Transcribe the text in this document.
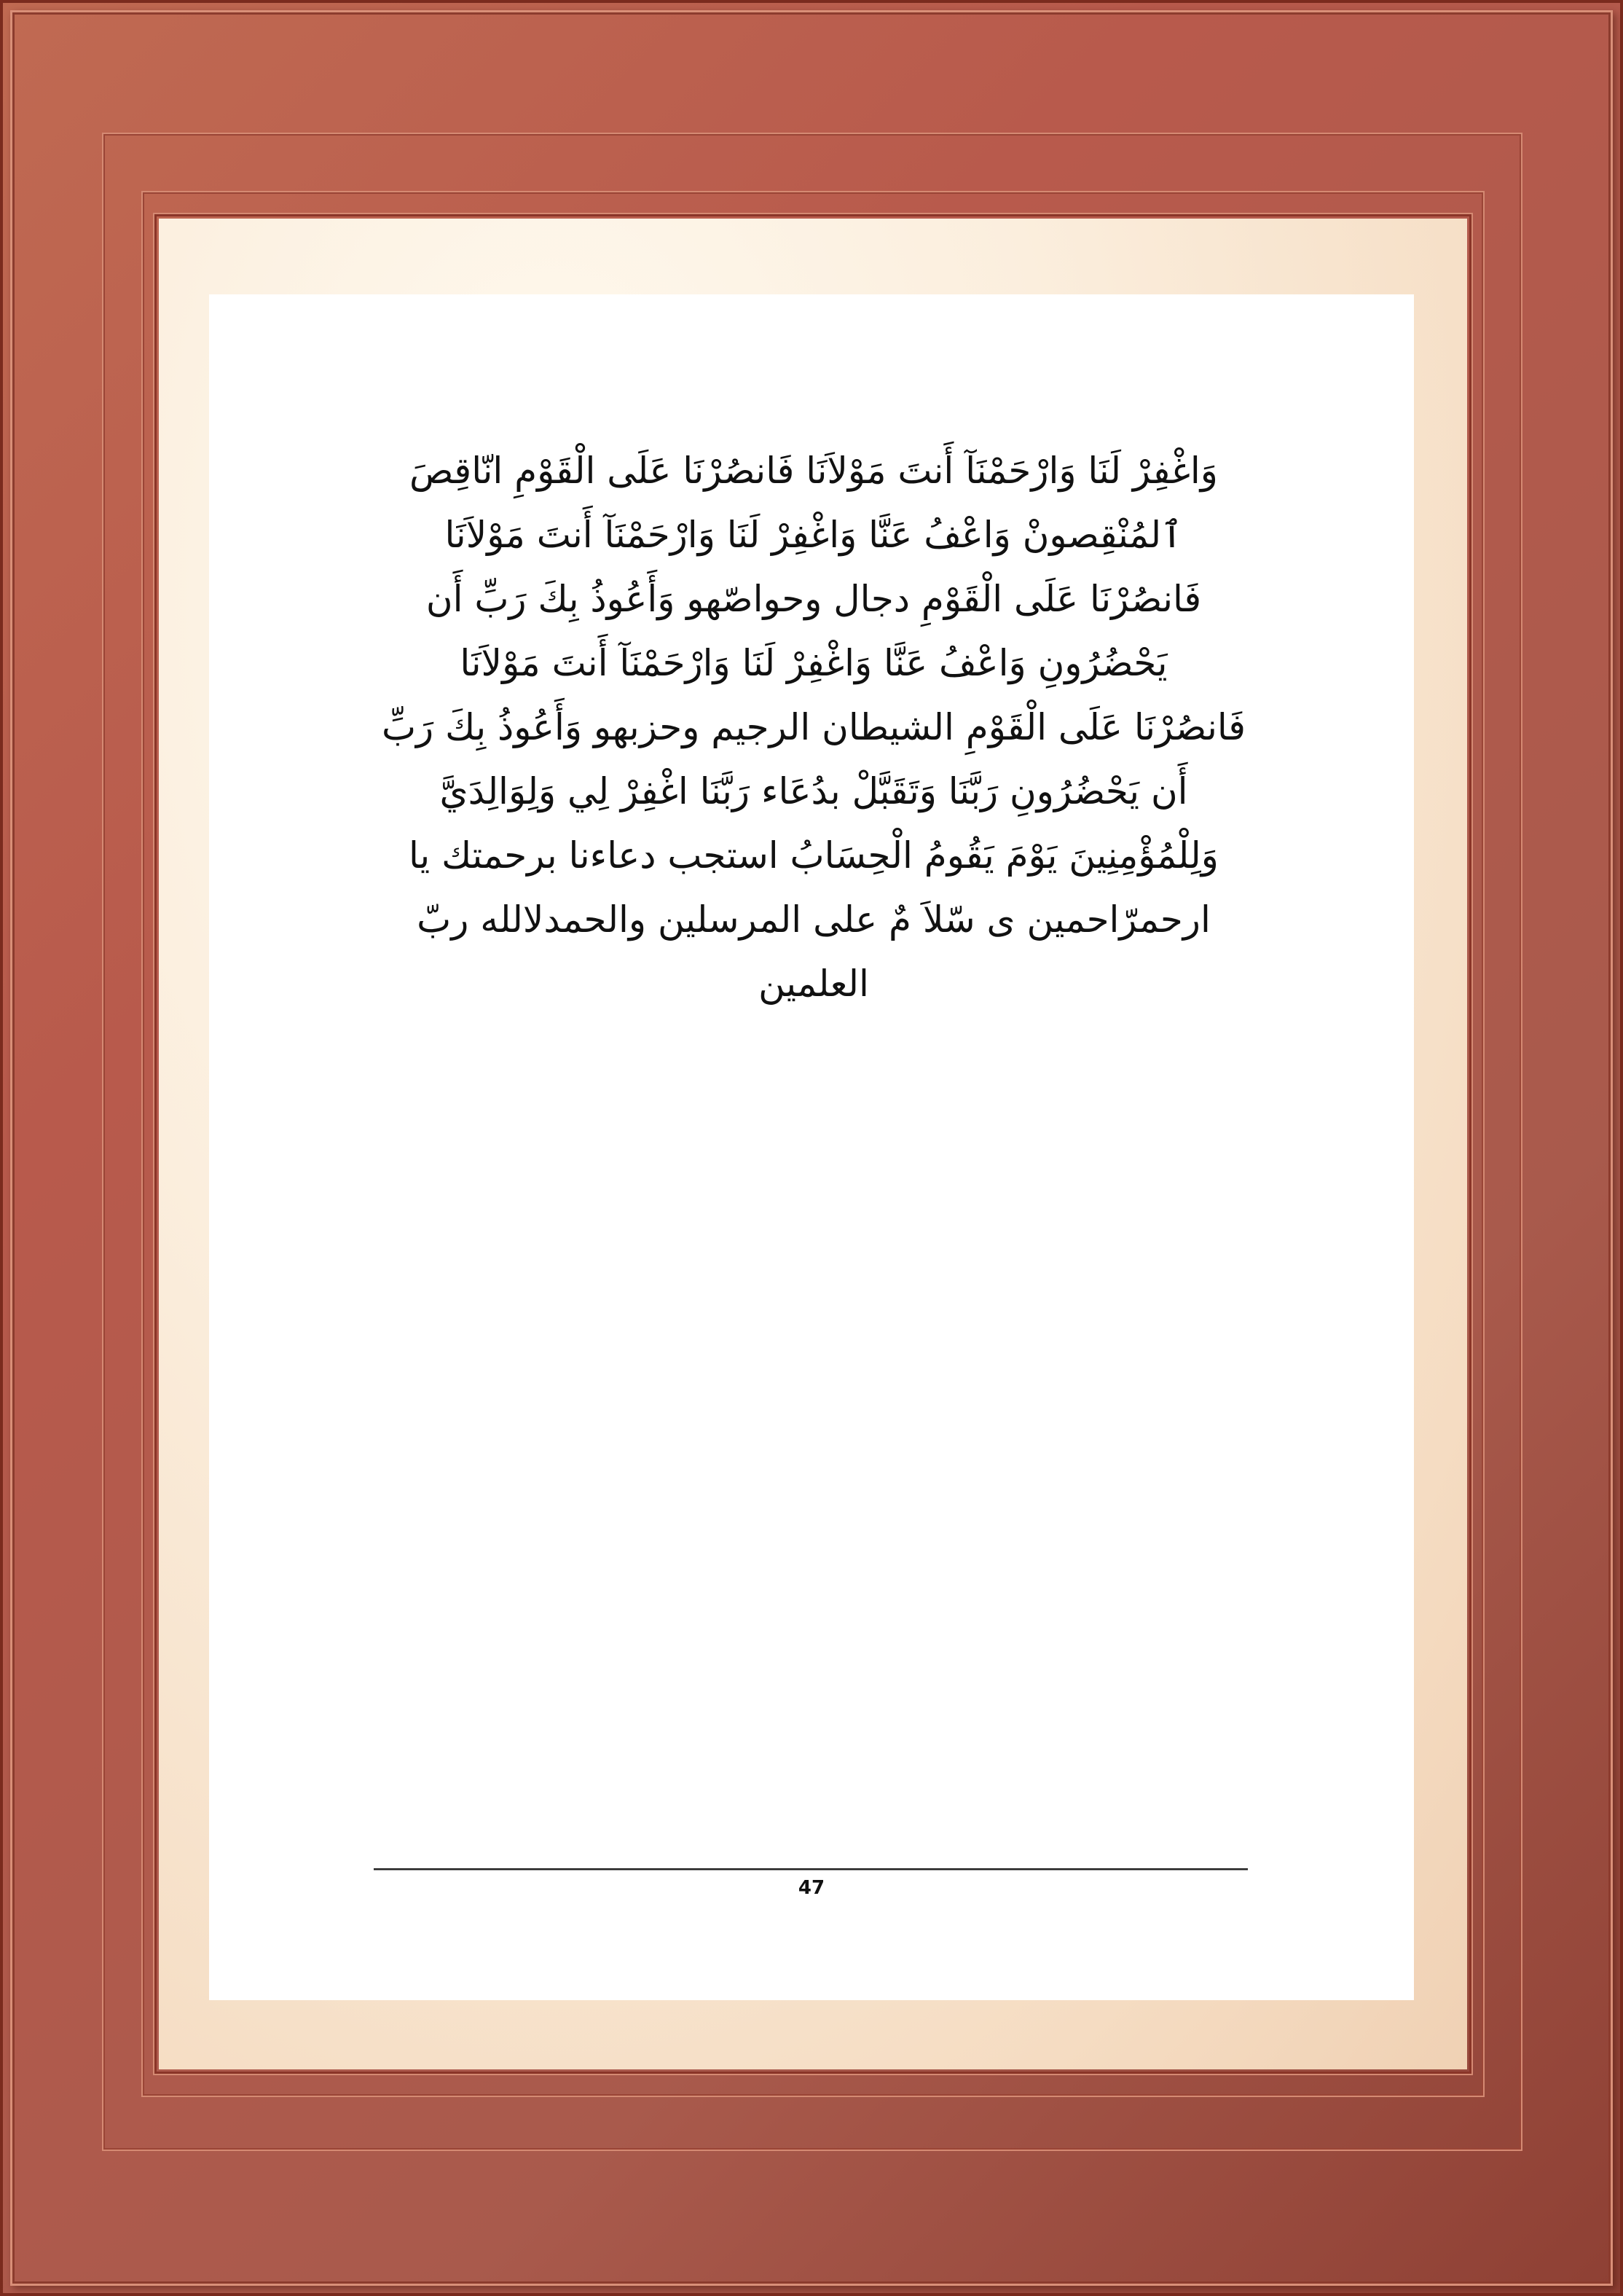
وَاغْفِرْ لَنَا وَارْحَمْنَآ أَنتَ مَوْلاَنَا فَانصُرْنَا عَلَى الْقَوْمِ انّاقِصَ
ٱلمُنْقِصونْ وَاعْفُ عَنَّا وَاغْفِرْ لَنَا وَارْحَمْنَآ أَنتَ مَوْلاَنَا
فَانصُرْنَا عَلَى الْقَوْمِ دجال وحواصّهو وَأَعُوذُ بِكَ رَبِّ أَن
يَحْضُرُونِ وَاعْفُ عَنَّا وَاغْفِرْ لَنَا وَارْحَمْنَآ أَنتَ مَوْلاَنَا
فَانصُرْنَا عَلَى الْقَوْمِ الشيطان الرجيم وحزبهو وَأَعُوذُ بِكَ رَبِّ
أَن يَحْضُرُونِ رَبَّنَا وَتَقَبَّلْ بدُعَاء رَبَّنَا اغْفِرْ لِي وَلِوَالِدَيَّ
وَلِلْمُؤْمِنِينَ يَوْمَ يَقُومُ الْحِسَابُ استجب دعاءنا برحمتك يا
ارحمرّاحمين ى سّلاَ مٌ على المرسلين والحمدلالله ربّ
العلمين
47
